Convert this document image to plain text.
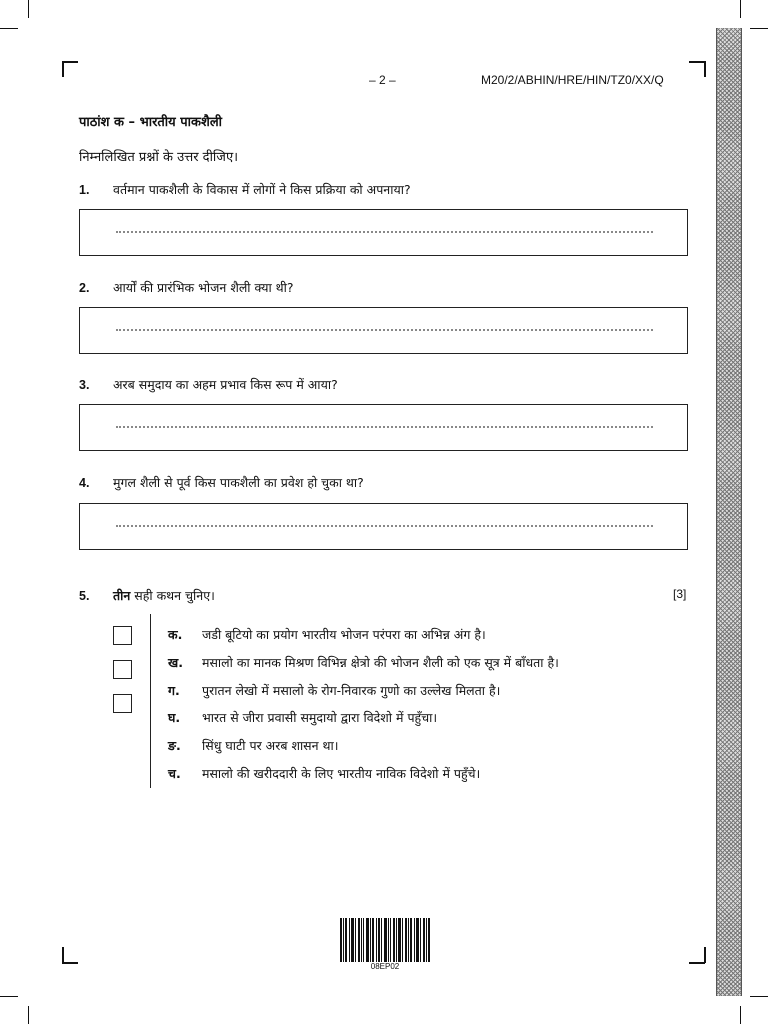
– 2 –	M20/2/ABHIN/HRE/HIN/TZ0/XX/Q
पाठांश क – भारतीय पाकशैली
निम्नलिखित प्रश्नों के उत्तर दीजिए।
1. वर्तमान पाकशैली के विकास में लोगों ने किस प्रक्रिया को अपनाया?
2. आर्यों की प्रारंभिक भोजन शैली क्या थी?
3. अरब समुदाय का अहम प्रभाव किस रूप में आया?
4. मुगल शैली से पूर्व किस पाकशैली का प्रवेश हो चुका था?
5. तीन सही कथन चुनिए।	[3]
क. जडी बूटियो का प्रयोग भारतीय भोजन परंपरा का अभिन्न अंग है।
ख. मसालो का मानक मिश्रण विभिन्न क्षेत्रो की भोजन शैली को एक सूत्र में बाँधता है।
ग. पुरातन लेखो में मसालो के रोग-निवारक गुणो का उल्लेख मिलता है।
घ. भारत से जीरा प्रवासी समुदायो द्वारा विदेशो में पहुँचा।
ङ. सिंधु घाटी पर अरब शासन था।
च. मसालो की खरीददारी के लिए भारतीय नाविक विदेशो में पहुँचे।
08EP02
